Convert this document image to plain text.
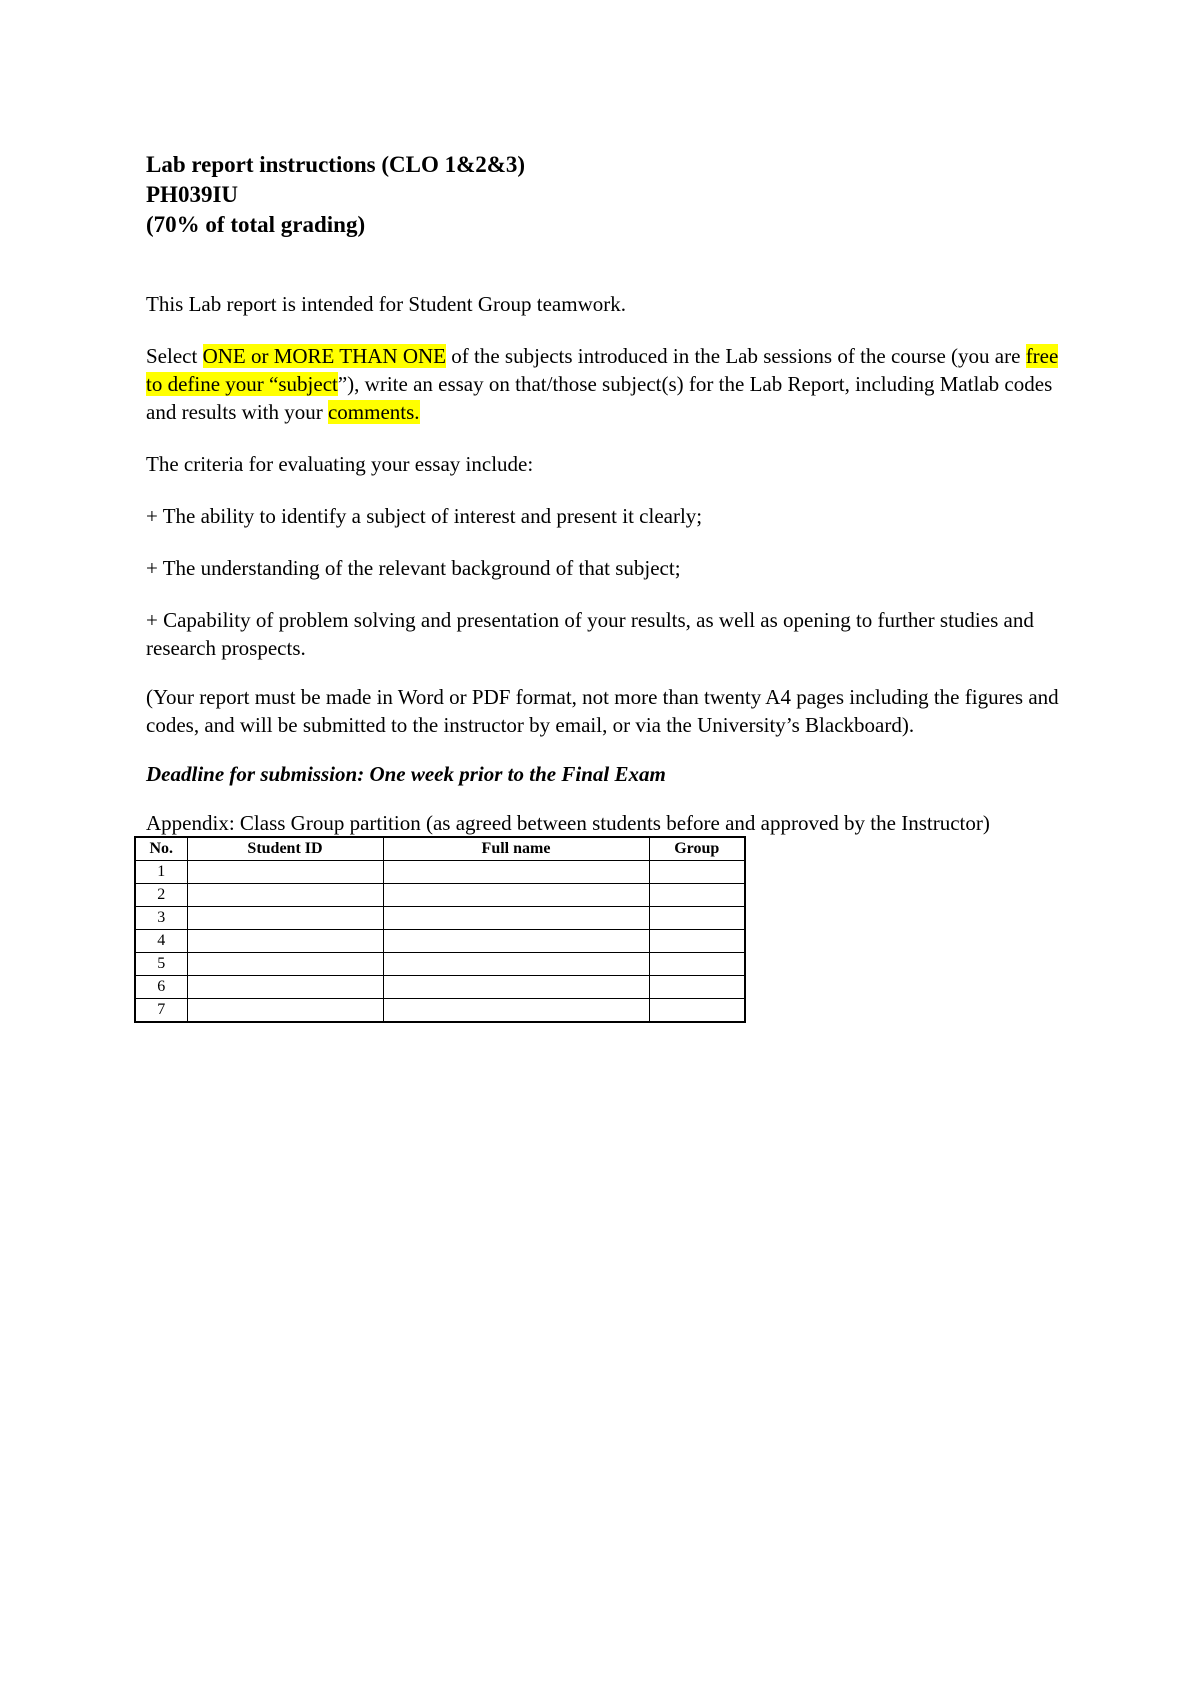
Lab report instructions (CLO 1&2&3)
PH039IU
(70% of total grading)

This Lab report is intended for Student Group teamwork.

Select ONE or MORE THAN ONE of the subjects introduced in the Lab sessions of the course (you are free to define your “subject”), write an essay on that/those subject(s) for the Lab Report, including Matlab codes and results with your comments.

The criteria for evaluating your essay include:

+ The ability to identify a subject of interest and present it clearly;

+ The understanding of the relevant background of that subject;

+ Capability of problem solving and presentation of your results, as well as opening to further studies and research prospects.

(Your report must be made in Word or PDF format, not more than twenty A4 pages including the figures and codes, and will be submitted to the instructor by email, or via the University’s Blackboard).

Deadline for submission: One week prior to the Final Exam

Appendix: Class Group partition (as agreed between students before and approved by the Instructor)

No.	Student ID	Full name	Group
1			
2			
3			
4			
5			
6			
7			
